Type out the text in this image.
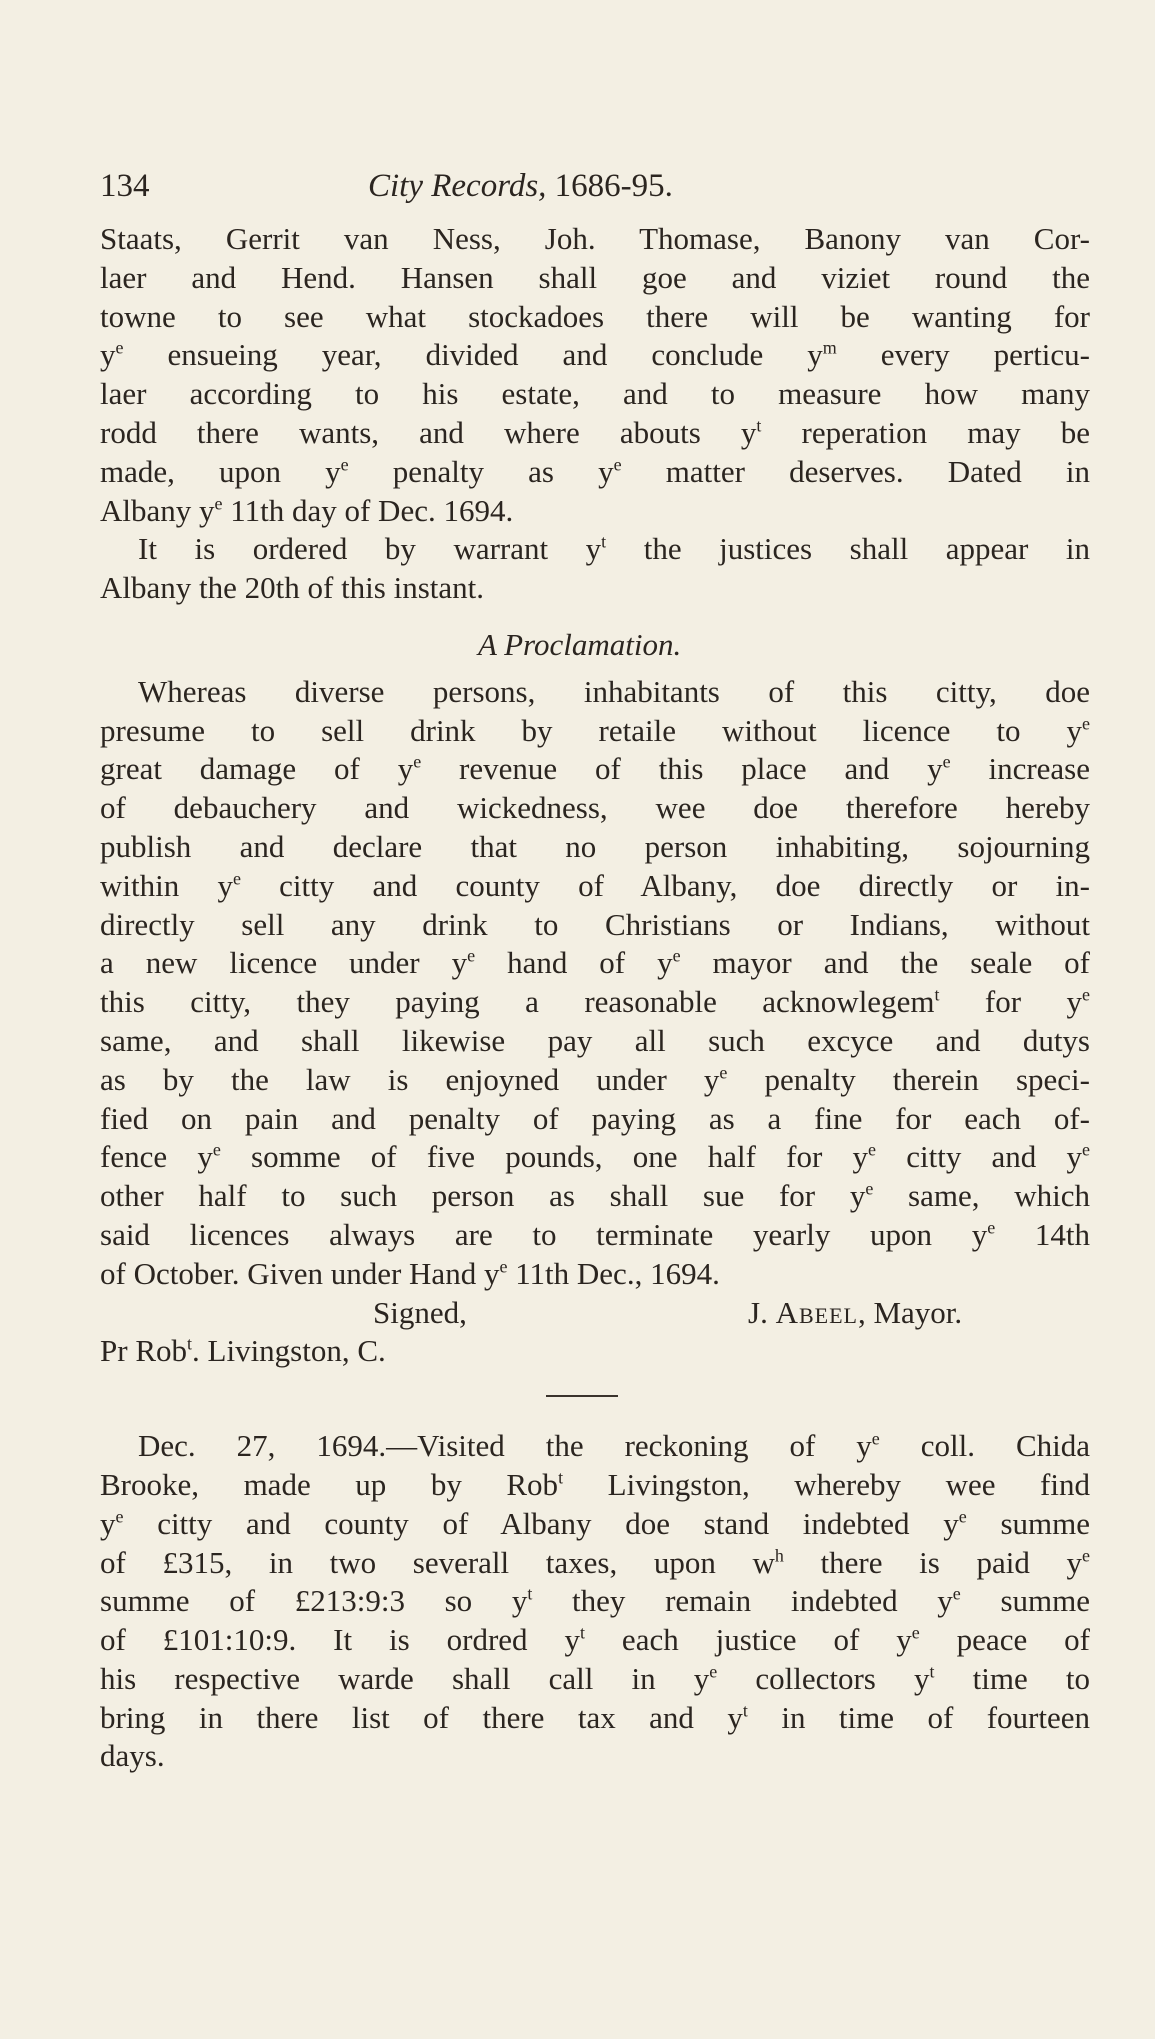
134	City Records, 1686-95.
Staats, Gerrit van Ness, Joh. Thomase, Banony van Cor-
laer and Hend. Hansen shall goe and viziet round the
towne to see what stockadoes there will be wanting for
$y^e$ ensueing year, divided and conclude $y^m$ every perticu-
laer according to his estate, and to measure how many
rodd there wants, and where abouts $y^t$ reperation may be
made, upon $y^e$ penalty as $y^e$ matter deserves. Dated in
Albany $y^e$ 11th day of Dec. 1694.
It is ordered by warrant $y^t$ the justices shall appear in
Albany the 20th of this instant.
A Proclamation.
Whereas diverse persons, inhabitants of this citty, doe
presume to sell drink by retaile without licence to $y^e$
great damage of $y^e$ revenue of this place and $y^e$ increase
of debauchery and wickedness, wee doe therefore hereby
publish and declare that no person inhabiting, sojourning
within $y^e$ citty and county of Albany, doe directly or in-
directly sell any drink to Christians or Indians, without
a new licence under $y^e$ hand of $y^e$ mayor and the seale of
this citty, they paying a reasonable acknowlegem$^t$ for $y^e$
same, and shall likewise pay all such excyce and dutys
as by the law is enjoyned under $y^e$ penalty therein speci-
fied on pain and penalty of paying as a fine for each of-
fence $y^e$ somme of five pounds, one half for $y^e$ citty and $y^e$
other half to such person as shall sue for $y^e$ same, which
said licences always are to terminate yearly upon $y^e$ 14th
of October. Given under Hand $y^e$ 11th Dec., 1694.
Signed,	J. Abeel, Mayor.
Pr Rob$^t$. Livingston, C.
Dec. 27, 1694.—Visited the reckoning of $y^e$ coll. Chida
Brooke, made up by Rob$^t$ Livingston, whereby wee find
$y^e$ citty and county of Albany doe stand indebted $y^e$ summe
of £315, in two severall taxes, upon $w^h$ there is paid $y^e$
summe of £213:9:3 so $y^t$ they remain indebted $y^e$ summe
of £101:10:9. It is ordred $y^t$ each justice of $y^e$ peace of
his respective warde shall call in $y^e$ collectors $y^t$ time to
bring in there list of there tax and $y^t$ in time of fourteen
days.
